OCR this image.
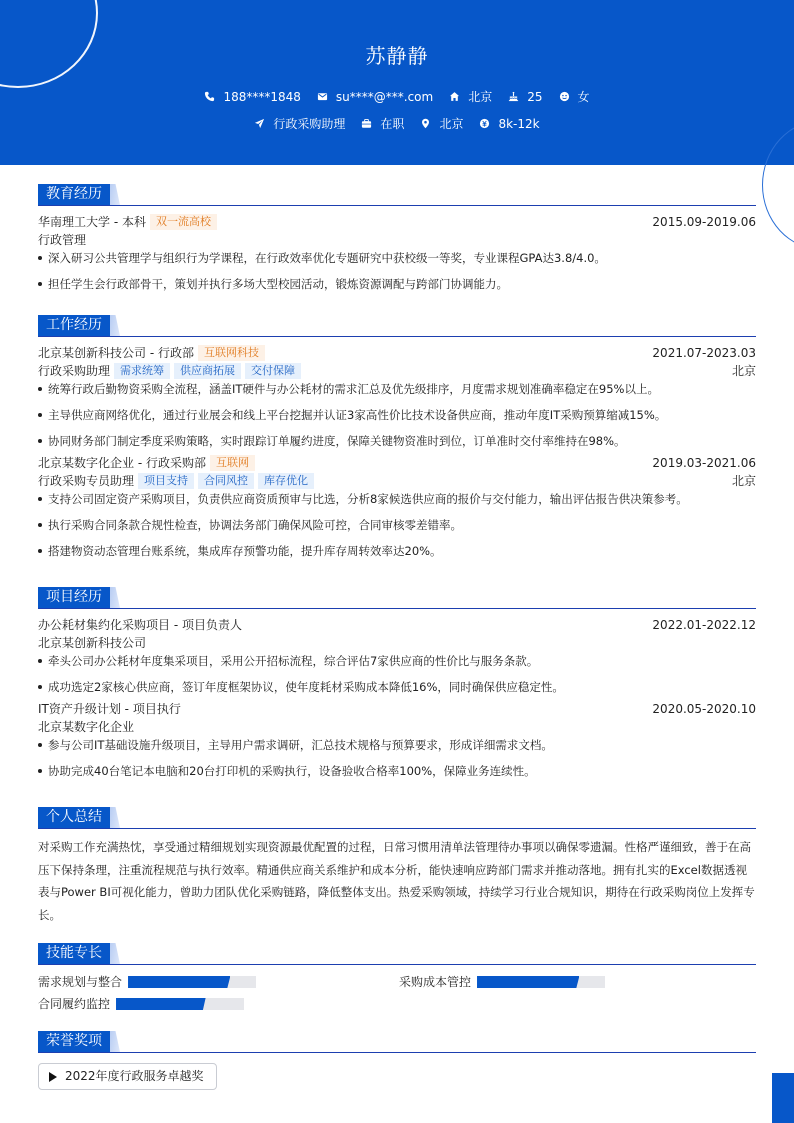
苏静静
188****1848	su****@***.com	北京	25	女
行政采购助理	在职	北京	8k-12k
教育经历
华南理工大学 - 本科 双一流高校	2015.09-2019.06
行政管理
深入研习公共管理学与组织行为学课程，在行政效率优化专题研究中获校级一等奖，专业课程GPA达3.8/4.0。
担任学生会行政部骨干，策划并执行多场大型校园活动，锻炼资源调配与跨部门协调能力。
工作经历
北京某创新科技公司 - 行政部 互联网科技	2021.07-2023.03
行政采购助理 需求统筹 供应商拓展 交付保障	北京
统筹行政后勤物资采购全流程，涵盖IT硬件与办公耗材的需求汇总及优先级排序，月度需求规划准确率稳定在95%以上。
主导供应商网络优化，通过行业展会和线上平台挖掘并认证3家高性价比技术设备供应商，推动年度IT采购预算缩减15%。
协同财务部门制定季度采购策略，实时跟踪订单履约进度，保障关键物资准时到位，订单准时交付率维持在98%。
北京某数字化企业 - 行政采购部 互联网	2019.03-2021.06
行政采购专员助理 项目支持 合同风控 库存优化	北京
支持公司固定资产采购项目，负责供应商资质预审与比选，分析8家候选供应商的报价与交付能力，输出评估报告供决策参考。
执行采购合同条款合规性检查，协调法务部门确保风险可控，合同审核零差错率。
搭建物资动态管理台账系统，集成库存预警功能，提升库存周转效率达20%。
项目经历
办公耗材集约化采购项目 - 项目负责人	2022.01-2022.12
北京某创新科技公司
牵头公司办公耗材年度集采项目，采用公开招标流程，综合评估7家供应商的性价比与服务条款。
成功选定2家核心供应商，签订年度框架协议，使年度耗材采购成本降低16%，同时确保供应稳定性。
IT资产升级计划 - 项目执行	2020.05-2020.10
北京某数字化企业
参与公司IT基础设施升级项目，主导用户需求调研，汇总技术规格与预算要求，形成详细需求文档。
协助完成40台笔记本电脑和20台打印机的采购执行，设备验收合格率100%，保障业务连续性。
个人总结
对采购工作充满热忱，享受通过精细规划实现资源最优配置的过程，日常习惯用清单法管理待办事项以确保零遗漏。性格严谨细致，善于在高压下保持条理，注重流程规范与执行效率。精通供应商关系维护和成本分析，能快速响应跨部门需求并推动落地。拥有扎实的Excel数据透视表与Power BI可视化能力，曾助力团队优化采购链路，降低整体支出。热爱采购领域，持续学习行业合规知识，期待在行政采购岗位上发挥专长。
技能专长
需求规划与整合	采购成本管控
合同履约监控
荣誉奖项
2022年度行政服务卓越奖
